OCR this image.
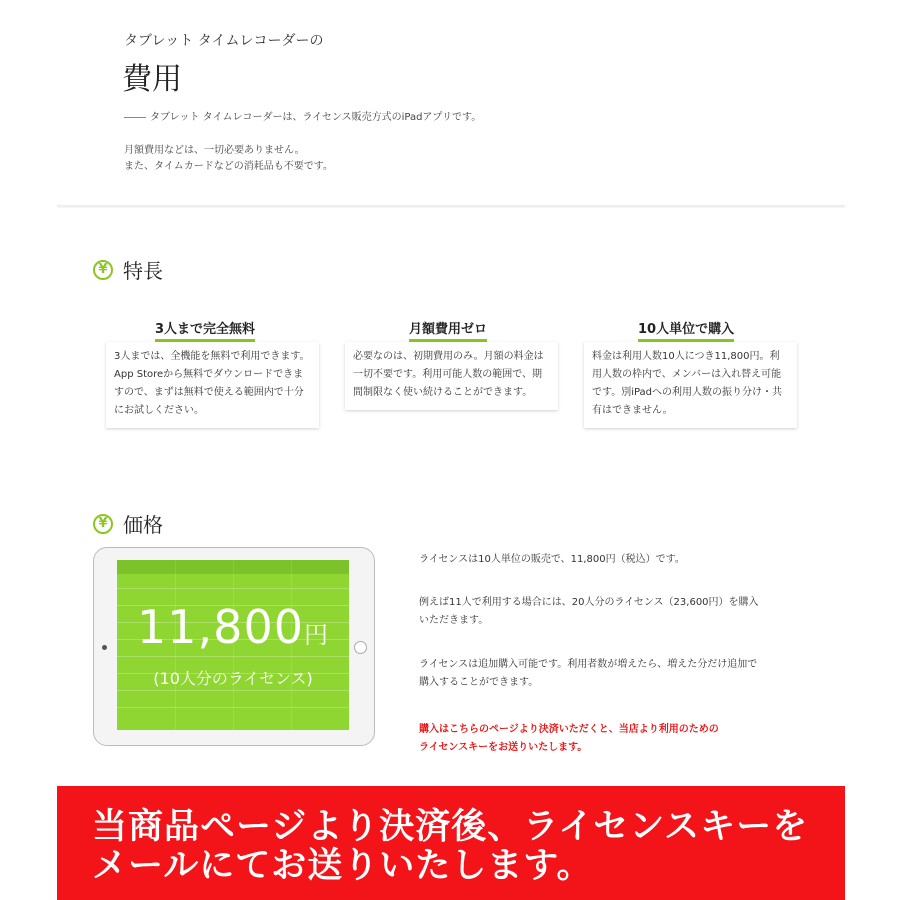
タブレット タイムレコーダーの
費用
タブレット タイムレコーダーは、ライセンス販売方式のiPadアプリです。
月額費用などは、一切必要ありません。
また、タイムカードなどの消耗品も不要です。
¥ 特長
3人まで完全無料
3人までは、全機能を無料で利用できます。App Storeから無料でダウンロードできますので、まずは無料で使える範囲内で十分にお試しください。
月額費用ゼロ
必要なのは、初期費用のみ。月額の料金は一切不要です。利用可能人数の範囲で、期間制限なく使い続けることができます。
10人単位で購入
料金は利用人数10人につき11,800円。利用人数の枠内で、メンバーは入れ替え可能です。別iPadへの利用人数の振り分け・共有はできません。
¥ 価格
11,800円
(10人分のライセンス)
ライセンスは10人単位の販売で、11,800円（税込）です。
例えば11人で利用する場合には、20人分のライセンス（23,600円）を購入
いただきます。
ライセンスは追加購入可能です。利用者数が増えたら、増えた分だけ追加で
購入することができます。
購入はこちらのページより決済いただくと、当店より利用のための
ライセンスキーをお送りいたします。
当商品ページより決済後、ライセンスキーを
メールにてお送りいたします。
